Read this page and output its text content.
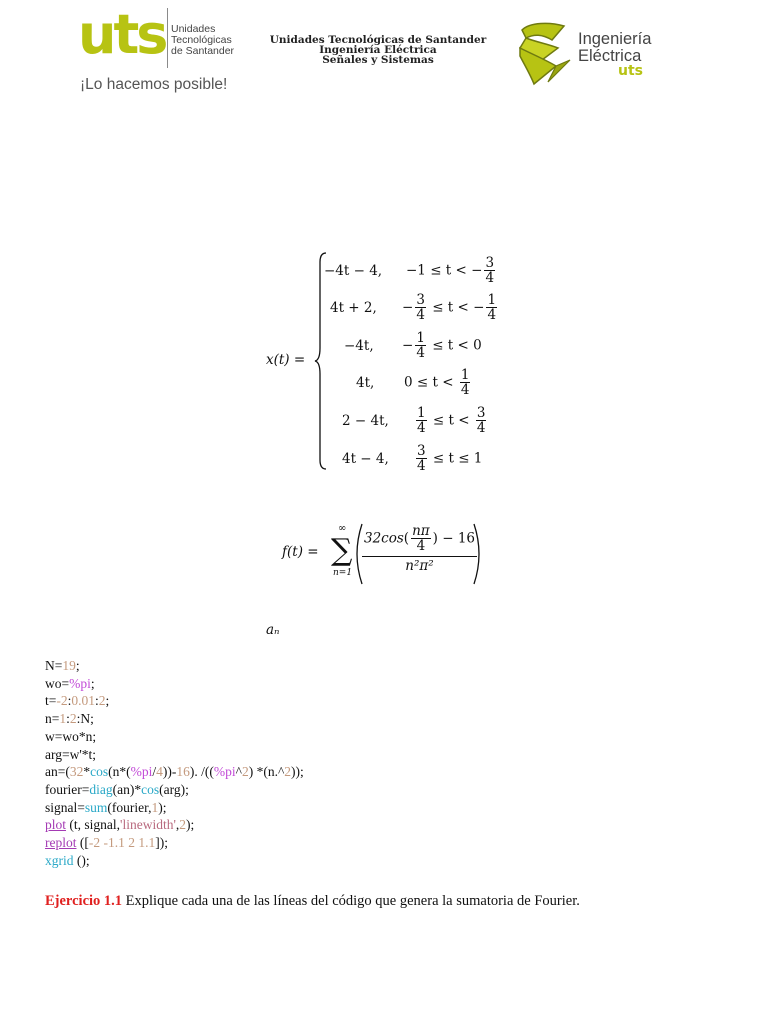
uts Unidades
Tecnológicas
de Santander
¡Lo hacemos posible!
Unidades Tecnológicas de Santander
Ingeniería Eléctrica
Señales y Sistemas
Ingeniería
Eléctrica
uts
x(t) =
−4t − 4, −1 ≤ t < − $\frac{3}{4}$
4t + 2, − $\frac{3}{4} \le t$ < − $\frac{1}{4}$
−4t, − $\frac{1}{4} \le t < 0$
4t, $0 \le t < \frac{1}{4}$
2 − 4t, $\frac{1}{4} \le t < \frac{3}{4}$
4t − 4, $\frac{3}{4} \le t \le 1$
f(t) =
∞
∑
n=1
$32\cos( \frac{n\pi}{4}$ ) − 16
n²π²
aₙ
N=19;
wo=%pi;
t=-2:0.01:2;
n=1:2:N;
w=wo*n;
arg=w'*t;
an=(32*cos(n*(%pi/4))-16). /((%pi^2) *(n.^2));
fourier=diag(an)*cos(arg);
signal=sum(fourier,1);
plot (t, signal,'linewidth',2);
replot ([-2 -1.1 2 1.1]);
xgrid ();
Ejercicio 1.1 Explique cada una de las líneas del código que genera la sumatoria de Fourier.
